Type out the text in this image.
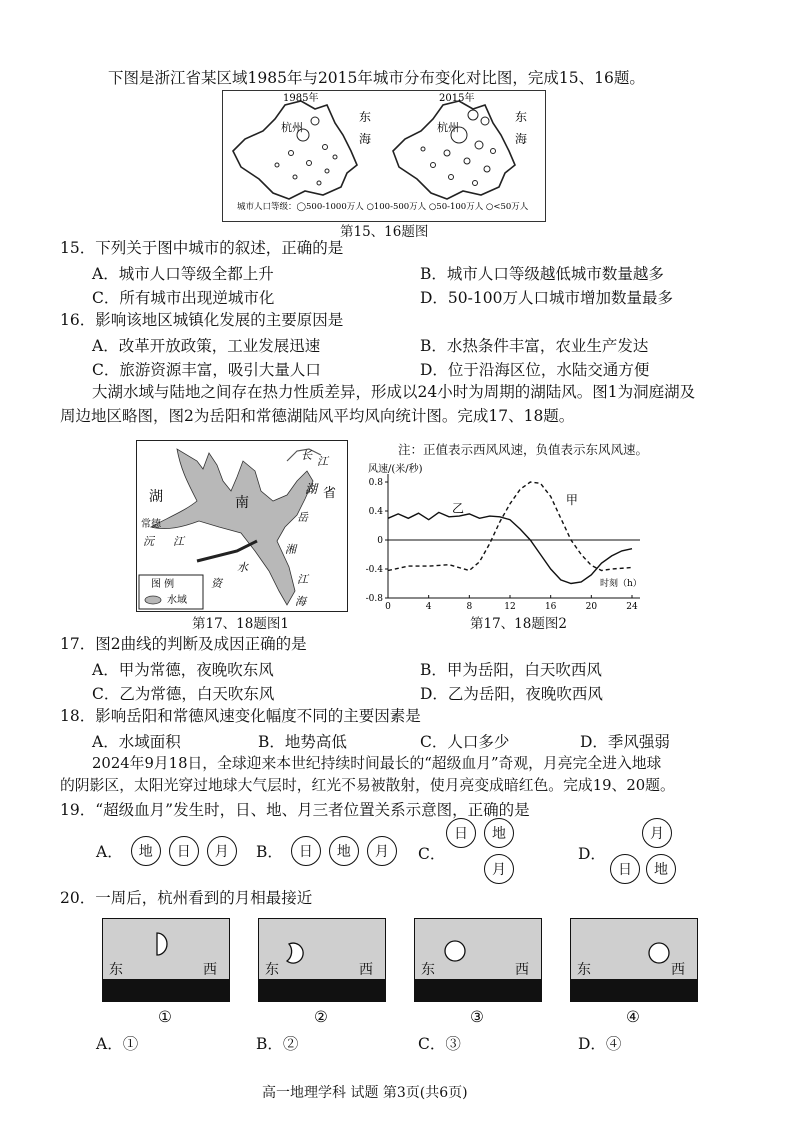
下图是浙江省某区域1985年与2015年城市分布变化对比图，完成15、16题。
1985年	2015年
杭州	杭州
东
海
东
海
城市人口等级：◯500-1000万人 ○100-500万人 ○50-100万人 ○<50万人
第15、16题图
15．下列关于图中城市的叙述，正确的是
A．城市人口等级全都上升	B．城市人口等级越低城市数量越多
C．所有城市出现逆城市化	D．50-100万人口城市增加数量最多
16．影响该地区城镇化发展的主要原因是
A．改革开放政策，工业发展迅速	B．水热条件丰富，农业生产发达
C．旅游资源丰富，吸引大量人口	D．位于沿海区位，水陆交通方便
大湖水域与陆地之间存在热力性质差异，形成以24小时为周期的湖陆风。图1为洞庭湖及
周边地区略图，图2为岳阳和常德湖陆风平均风向统计图。完成17、18题。
湖	南
长 江
湖 省
岳
常德
沅 江
湘
资
水
江
海
图 例
水域
第17、18题图1
注：正值表示西风风速，负值表示东风风速。
风速/(米/秒)
时刻（h）
0.8
0.4
0
-0.4
-0.8
0	4	8	12	16	20	24
甲
乙
第17、18题图2
17．图2曲线的判断及成因正确的是
A．甲为常德，夜晚吹东风	B．甲为岳阳，白天吹西风
C．乙为常德，白天吹东风	D．乙为岳阳，夜晚吹西风
18．影响岳阳和常德风速变化幅度不同的主要因素是
A．水域面积	B．地势高低	C．人口多少	D．季风强弱
2024年9月18日，全球迎来本世纪持续时间最长的“超级血月”奇观，月亮完全进入地球
的阴影区，太阳光穿过地球大气层时，红光不易被散射，使月亮变成暗红色。完成19、20题。
19．“超级血月”发生时，日、地、月三者位置关系示意图，正确的是
A．	地	日	月	B．	日	地	月	C．
日	地
月
D．
月
日	地
20．一周后，杭州看到的月相最接近
东	西	东	西	东	西	东	西
①	②	③	④
A．①	B．②	C．③	D．④
高一地理学科 试题 第3页(共6页)
